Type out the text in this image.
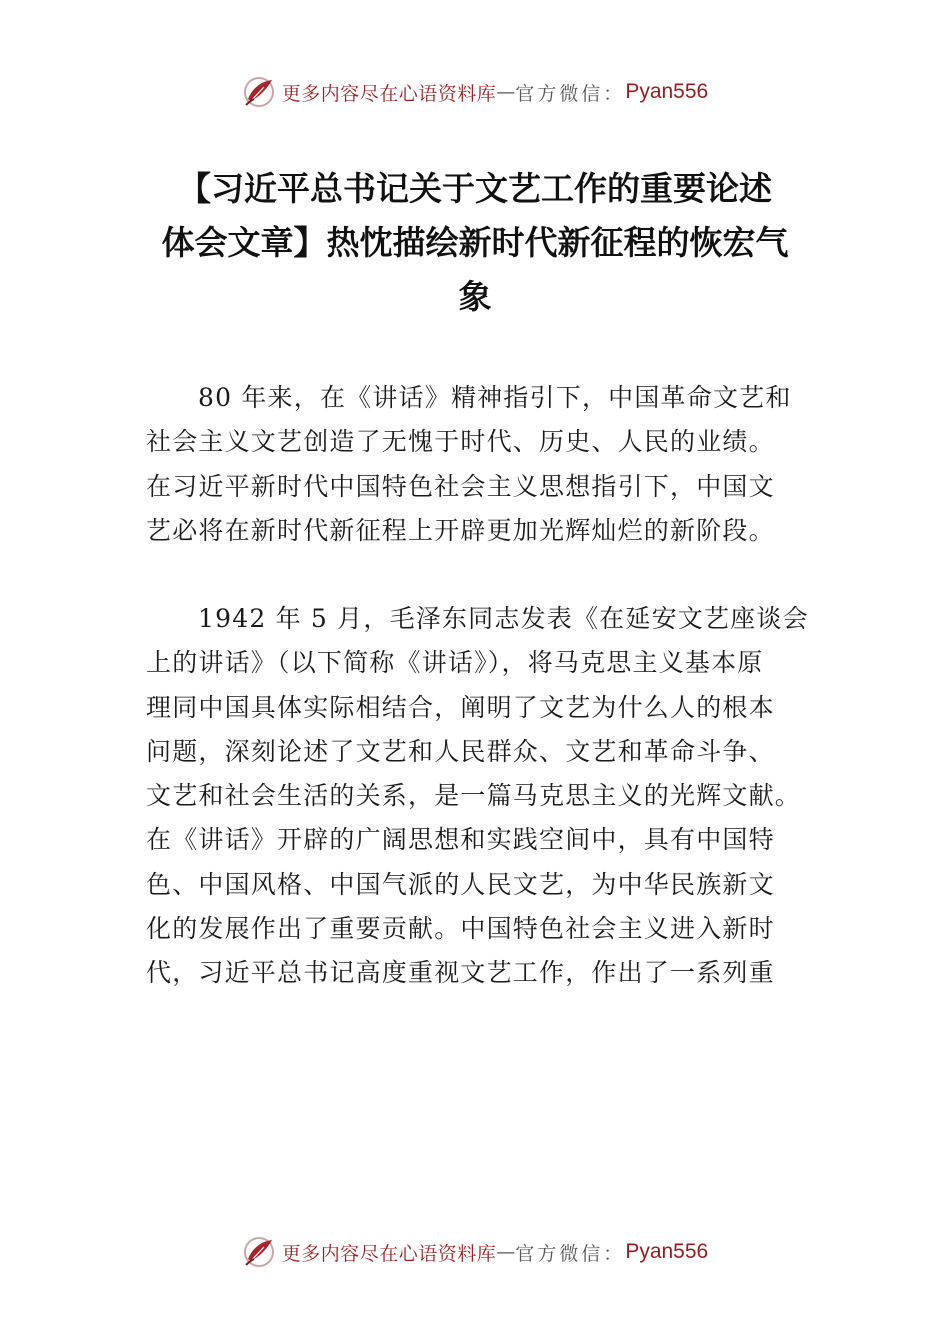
更多内容尽在心语资料库 — 官方微信： Pyan556
【习近平总书记关于文艺工作的重要论述
体会文章】热忱描绘新时代新征程的恢宏气
象
80 年来，在《讲话》精神指引下，中国革命文艺和
社会主义文艺创造了无愧于时代、历史、人民的业绩。
在习近平新时代中国特色社会主义思想指引下，中国文
艺必将在新时代新征程上开辟更加光辉灿烂的新阶段。
1942 年 5 月，毛泽东同志发表《在延安文艺座谈会
上的讲话》（以下简称《讲话》），将马克思主义基本原
理同中国具体实际相结合，阐明了文艺为什么人的根本
问题，深刻论述了文艺和人民群众、文艺和革命斗争、
文艺和社会生活的关系，是一篇马克思主义的光辉文献。
在《讲话》开辟的广阔思想和实践空间中，具有中国特
色、中国风格、中国气派的人民文艺，为中华民族新文
化的发展作出了重要贡献。中国特色社会主义进入新时
代，习近平总书记高度重视文艺工作，作出了一系列重
更多内容尽在心语资料库 — 官方微信： Pyan556
